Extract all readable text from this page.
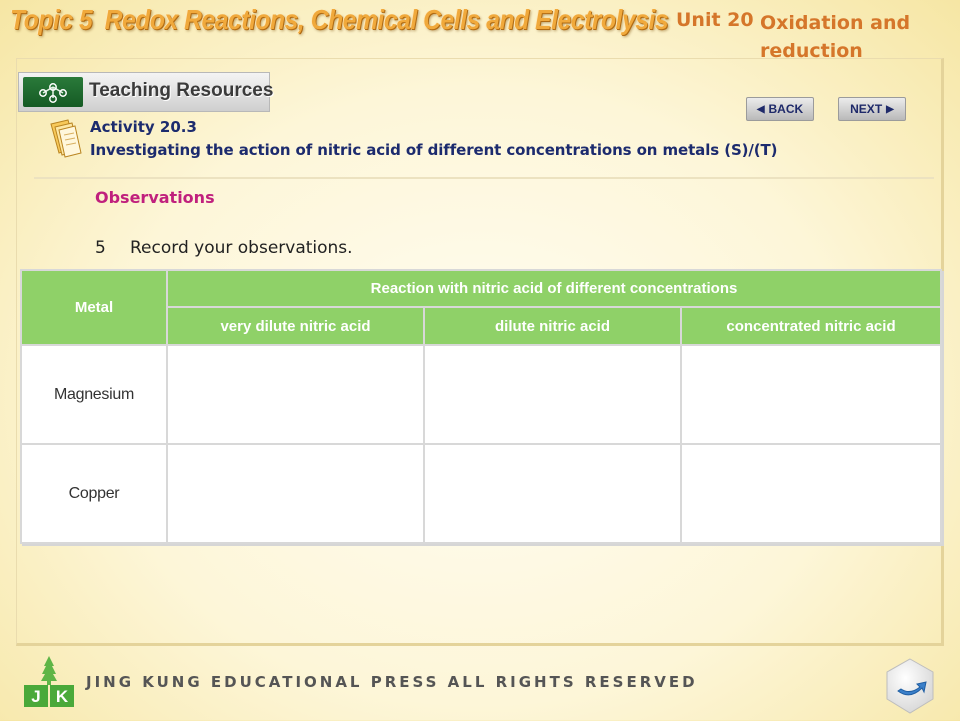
Topic 5 Redox Reactions, Chemical Cells and Electrolysis Unit 20 Oxidation and reduction
Teaching Resources
◀ BACK	NEXT ▶
Activity 20.3
Investigating the action of nitric acid of different concentrations on metals (S)/(T)
Observations
5 Record your observations.
Metal	Reaction with nitric acid of different concentrations		
	very dilute nitric acid	dilute nitric acid	concentrated nitric acid
Magnesium			
Copper			
J K
JING KUNG EDUCATIONAL PRESS ALL RIGHTS RESERVED
